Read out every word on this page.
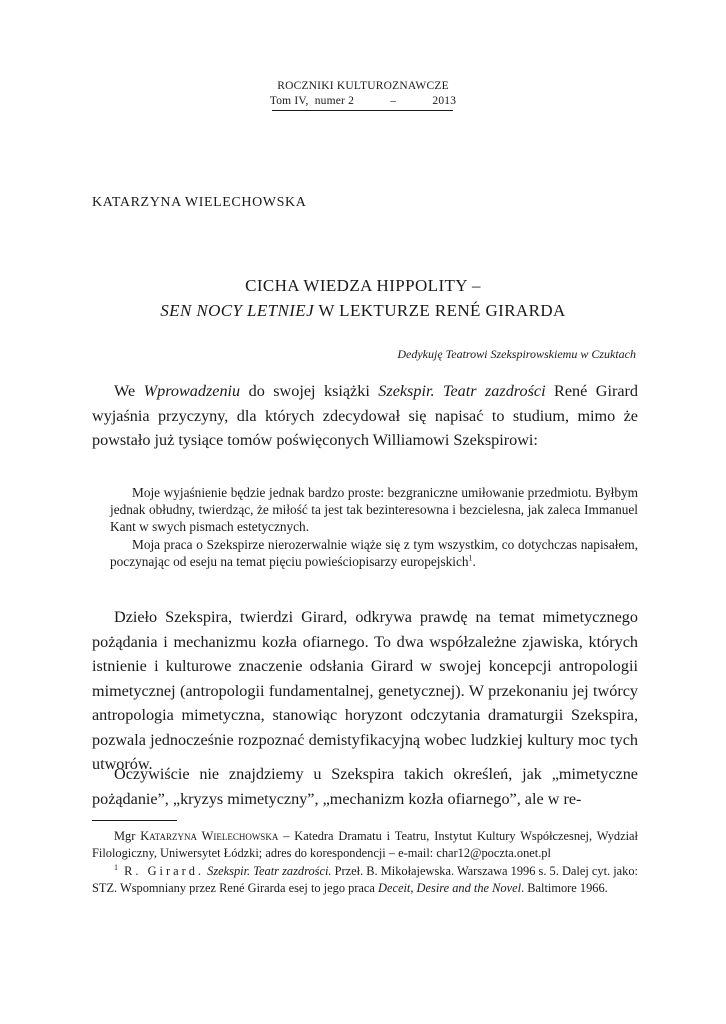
ROCZNIKI KULTUROZNAWCZE
Tom IV, numer 2	–	2013
KATARZYNA WIELECHOWSKA
CICHA WIEDZA HIPPOLITY –
SEN NOCY LETNIEJ W LEKTURZE RENÉ GIRARDA
Dedykuję Teatrowi Szekspirowskiemu w Czuktach

We Wprowadzeniu do swojej książki Szekspir. Teatr zazdrości René Girard wyjaśnia przyczyny, dla których zdecydował się napisać to studium, mimo że powstało już tysiące tomów poświęconych Williamowi Szekspirowi:

Moje wyjaśnienie będzie jednak bardzo proste: bezgraniczne umiłowanie przedmiotu. Byłbym jednak obłudny, twierdząc, że miłość ta jest tak bezinteresowna i bezcielesna, jak zaleca Immanuel Kant w swych pismach estetycznych.

Moja praca o Szekspirze nierozerwalnie wiąże się z tym wszystkim, co dotychczas napisałem, poczynając od eseju na temat pięciu powieściopisarzy europejskich$^1$.

Dzieło Szekspira, twierdzi Girard, odkrywa prawdę na temat mimetycznego pożądania i mechanizmu kozła ofiarnego. To dwa współzależne zjawiska, których istnienie i kulturowe znaczenie odsłania Girard w swojej koncepcji antropologii mimetycznej (antropologii fundamentalnej, genetycznej). W przekonaniu jej twórcy antropologia mimetyczna, stanowiąc horyzont odczytania dramaturgii Szekspira, pozwala jednocześnie rozpoznać demistyfikacyjną wobec ludzkiej kultury moc tych utworów.

Oczywiście nie znajdziemy u Szekspira takich określeń, jak „mimetyczne pożądanie”, „kryzys mimetyczny”, „mechanizm kozła ofiarnego”, ale w re-

Mgr Katarzyna Wielechowska – Katedra Dramatu i Teatru, Instytut Kultury Współczesnej, Wydział Filologiczny, Uniwersytet Łódzki; adres do korespondencji – e-mail: char12@poczta.onet.pl

$^1$ R. Girard. Szekspir. Teatr zazdrości. Przeł. B. Mikołajewska. Warszawa 1996 s. 5. Dalej cyt. jako: STZ. Wspomniany przez René Girarda esej to jego praca Deceit, Desire and the Novel. Baltimore 1966.
